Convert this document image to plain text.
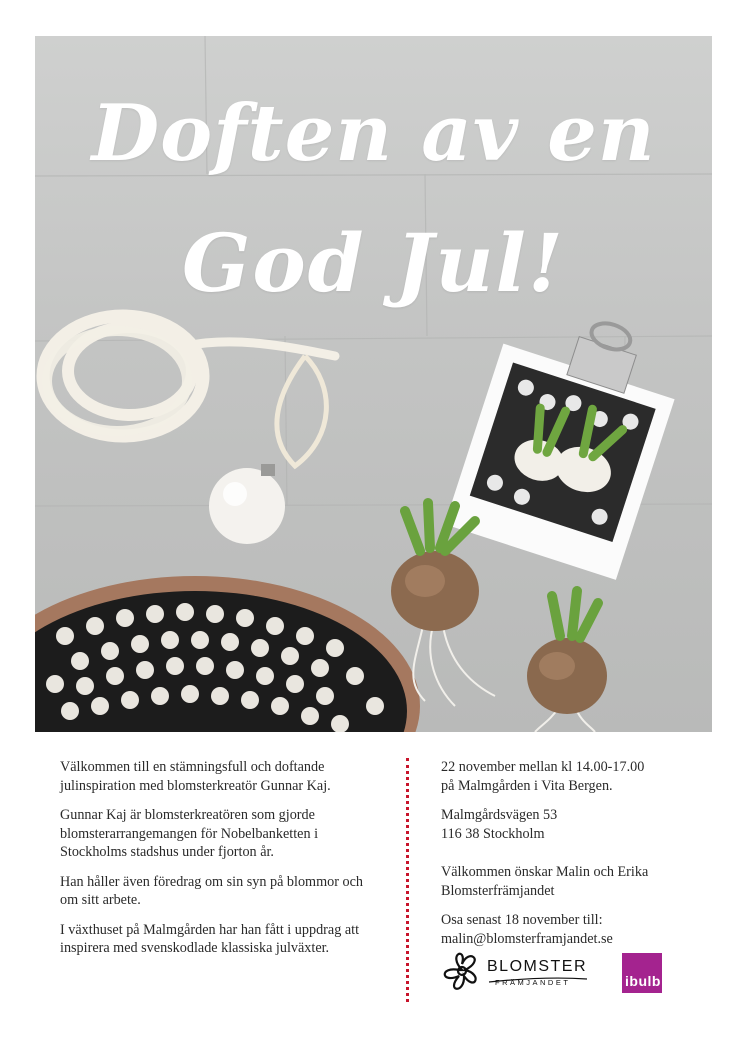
Doften av en
God Jul!

Välkommen till en stämningsfull och doftande julinspiration med blomsterkreatör Gunnar Kaj.

Gunnar Kaj är blomsterkreatören som gjorde blomsterarrangemangen för Nobelbanketten i Stockholms stadshus under fjorton år.

Han håller även föredrag om sin syn på blommor och om sitt arbete.

I växthuset på Malmgården har han fått i uppdrag att inspirera med svenskodlade klassiska julväxter.

22 november mellan kl 14.00-17.00
på Malmgården i Vita Bergen.

Malmgårdsvägen 53
116 38 Stockholm

Välkommen önskar Malin och Erika
Blomsterfrämjandet

Osa senast 18 november till:
malin@blomsterframjandet.se

BLOMSTER
FRÄMJANDET	ibulb
